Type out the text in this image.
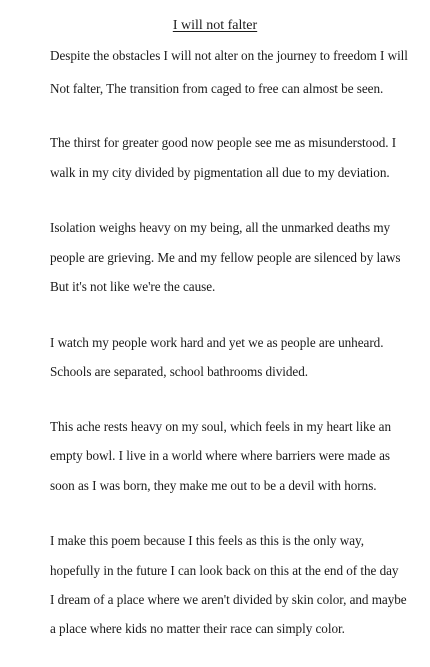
I will not falter
Despite the obstacles I will not alter on the journey to freedom I will
Not falter, The transition from caged to free can almost be seen.
The thirst for greater good now people see me as misunderstood. I
walk in my city divided by pigmentation all due to my deviation.
Isolation weighs heavy on my being, all the unmarked deaths my
people are grieving. Me and my fellow people are silenced by laws
But it's not like we're the cause.
I watch my people work hard and yet we as people are unheard.
Schools are separated, school bathrooms divided.
This ache rests heavy on my soul, which feels in my heart like an
empty bowl. I live in a world where where barriers were made as
soon as I was born, they make me out to be a devil with horns.
I make this poem because I this feels as this is the only way,
hopefully in the future I can look back on this at the end of the day
I dream of a place where we aren't divided by skin color, and maybe
a place where kids no matter their race can simply color.
